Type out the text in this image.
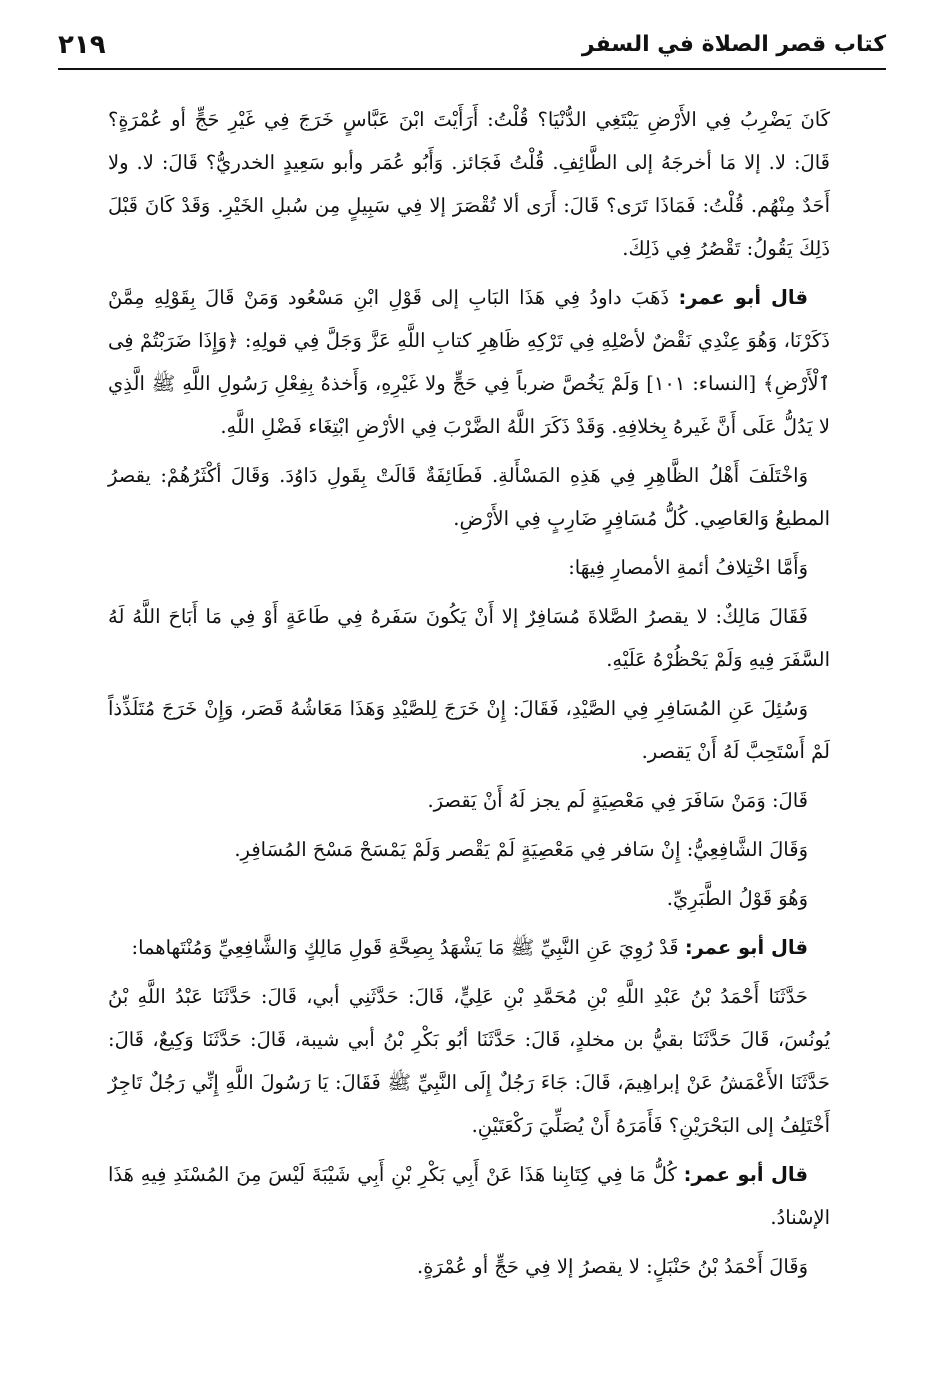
٢١٩	كتاب قصر الصلاة في السفر

كَانَ يَضْرِبُ فِي الأَرْضِ يَبْتَغِي الدُّنْيَا؟ قُلْتُ: أَرَأَيْتَ ابْنَ عَبَّاسٍ خَرَجَ فِي غَيْرِ حَجٍّ أو عُمْرَةٍ؟ قَالَ: لا. إلا مَا أخرجَهُ إلى الطَّائِفِ. قُلْتُ فَجَائز. وَأَبُو عُمَر وأبو سَعِيدٍ الخدريُّ؟ قَالَ: لا. ولا أَحَدٌ مِنْهُم. قُلْتُ: فَمَاذَا تَرَى؟ قَالَ: أَرَى ألا تُقْصَرَ إلا فِي سَبِيلٍ مِن سُبلِ الخَيْرِ. وَقَدْ كَانَ قَبْلَ ذَلِكَ يَقُولُ: تَقْصُرُ فِي ذَلِكَ.

قال أبو عمر: ذَهَبَ داودُ فِي هَذَا البَابِ إلى قَوْلِ ابْنِ مَسْعُود وَمَنْ قَالَ بِقَوْلِهِ مِمَّنْ ذَكَرْنَا، وَهُوَ عِنْدِي نَقْضٌ لأصْلِهِ فِي تَرْكِهِ ظَاهِرِ كتابِ اللَّهِ عَزَّ وَجَلَّ فِي قولِهِ: ﴿وَإِذَا ضَرَبْتُمْ فِى ٱلْأَرْضِ﴾ [النساء: ١٠١] وَلَمْ يَخُصَّ ضرباً فِي حَجٍّ ولا غَيْرِهِ، وَأَخذهُ بِفِعْلِ رَسُولِ اللَّهِ ﷺ الَّذِي لا يَدُلُّ عَلَى أَنَّ غَيرهُ بِخلافِهِ. وَقَدْ ذَكَرَ اللَّهُ الضَّرْبَ فِي الأرْضِ ابْتِغَاء فَضْلِ اللَّهِ.

وَاخْتَلَفَ أَهْلُ الظَّاهِرِ فِي هَذِهِ المَسْأَلةِ. فَطَائِفَةٌ قَالَتْ بِقَولِ دَاوُدَ. وَقَالَ أكْثَرُهُمْ: يقصرُ المطيعُ وَالعَاصِي. كُلُّ مُسَافِرٍ ضَارِبٍ فِي الأَرْضِ.

وَأَمَّا اخْتِلافُ أئمةِ الأمصارِ فِيهَا:

فَقَالَ مَالِكٌ: لا يقصرُ الصَّلاةَ مُسَافِرٌ إلا أَنْ يَكُونَ سَفَرهُ فِي طَاعَةٍ أَوْ فِي مَا أَبَاحَ اللَّهُ لَهُ السَّفَرَ فِيهِ وَلَمْ يَحْظُرْهُ عَلَيْهِ.

وَسُئِلَ عَنِ المُسَافِرِ فِي الصَّيْدِ، فَقَالَ: إِنْ خَرَجَ لِلصَّيْدِ وَهَذَا مَعَاشُهُ قَصَر، وَإِنْ خَرَجَ مُتَلَذِّذاً لَمْ أَسْتَحِبَّ لَهُ أَنْ يَقصر.

قَالَ: وَمَنْ سَافَرَ فِي مَعْصِيَةٍ لَم يجز لَهُ أَنْ يَقصرَ.

وَقَالَ الشَّافِعِيُّ: إِنْ سَافر فِي مَعْصِيَةٍ لَمْ يَقْصر وَلَمْ يَمْسَحْ مَسْحَ المُسَافِرِ.

وَهُوَ قَوْلُ الطَّبَرِيِّ.

قال أبو عمر: قَدْ رُوِيَ عَنِ النَّبِيِّ ﷺ مَا يَشْهَدُ بِصِحَّةِ قَولِ مَالِكٍ وَالشَّافِعِيِّ وَمُنْتَهاهما:

حَدَّثَنَا أَحْمَدُ بْنُ عَبْدِ اللَّهِ بْنِ مُحَمَّدِ بْنِ عَلِيٍّ، قَالَ: حَدَّثَنِي أبي، قَالَ: حَدَّثَنَا عَبْدُ اللَّهِ بْنُ يُونُسَ، قَالَ حَدَّثَنَا بقيُّ بن مخلدٍ، قَالَ: حَدَّثَنَا أبُو بَكْرِ بْنُ أبي شيبة، قَالَ: حَدَّثَنَا وَكِيعٌ، قَالَ: حَدَّثَنَا الأَعْمَشُ عَنْ إبراهِيمَ، قَالَ: جَاءَ رَجُلٌ إِلَى النَّبِيِّ ﷺ فَقَالَ: يَا رَسُولَ اللَّهِ إِنِّي رَجُلٌ تَاجِرٌ أَخْتَلِفُ إلى البَحْرَيْنِ؟ فَأَمَرَهُ أَنْ يُصَلِّيَ رَكْعَتَيْنِ.

قال أبو عمر: كُلُّ مَا فِي كِتَابِنا هَذَا عَنْ أَبِي بَكْرِ بْنِ أَبِي شَيْبَةَ لَيْسَ مِنَ المُسْنَدِ فِيهِ هَذَا الإسْنادُ.

وَقَالَ أَحْمَدُ بْنُ حَنْبَلٍ: لا يقصرُ إلا فِي حَجٍّ أو عُمْرَةٍ.
